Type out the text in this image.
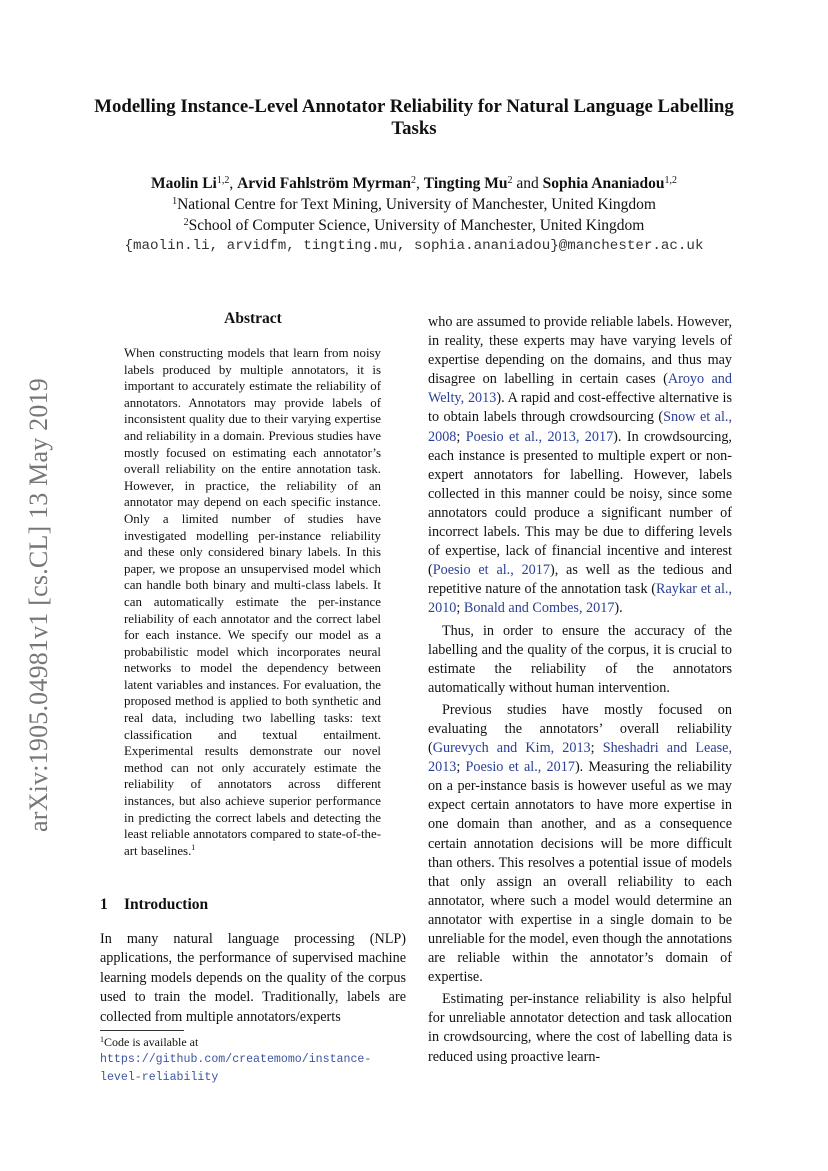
arXiv:1905.04981v1 [cs.CL] 13 May 2019
Modelling Instance-Level Annotator Reliability for Natural Language Labelling Tasks
Maolin Li$^{1,2}$, Arvid Fahlström Myrman$^2$, Tingting Mu$^2$ and Sophia Ananiadou$^{1,2}$
$^1$National Centre for Text Mining, University of Manchester, United Kingdom
$^2$School of Computer Science, University of Manchester, United Kingdom
{maolin.li, arvidfm, tingting.mu, sophia.ananiadou}@manchester.ac.uk
Abstract
When constructing models that learn from noisy labels produced by multiple annotators, it is important to accurately estimate the reliability of annotators. Annotators may provide labels of inconsistent quality due to their varying expertise and reliability in a domain. Previous studies have mostly focused on estimating each annotator’s overall reliability on the entire annotation task. However, in practice, the reliability of an annotator may depend on each specific instance. Only a limited number of studies have investigated modelling per-instance reliability and these only considered binary labels. In this paper, we propose an unsupervised model which can handle both binary and multi-class labels. It can automatically estimate the per-instance reliability of each annotator and the correct label for each instance. We specify our model as a probabilistic model which incorporates neural networks to model the dependency between latent variables and instances. For evaluation, the proposed method is applied to both synthetic and real data, including two labelling tasks: text classification and textual entailment. Experimental results demonstrate our novel method can not only accurately estimate the reliability of annotators across different instances, but also achieve superior performance in predicting the correct labels and detecting the least reliable annotators compared to state-of-the-art baselines.$^1$
1 Introduction
In many natural language processing (NLP) applications, the performance of supervised machine learning models depends on the quality of the corpus used to train the model. Traditionally, labels are collected from multiple annotators/experts
$^1$Code is available at https://github.com/createmomo/instance-level-reliability

who are assumed to provide reliable labels. However, in reality, these experts may have varying levels of expertise depending on the domains, and thus may disagree on labelling in certain cases (Aroyo and Welty, 2013). A rapid and cost-effective alternative is to obtain labels through crowdsourcing (Snow et al., 2008; Poesio et al., 2013, 2017). In crowdsourcing, each instance is presented to multiple expert or non-expert annotators for labelling. However, labels collected in this manner could be noisy, since some annotators could produce a significant number of incorrect labels. This may be due to differing levels of expertise, lack of financial incentive and interest (Poesio et al., 2017), as well as the tedious and repetitive nature of the annotation task (Raykar et al., 2010; Bonald and Combes, 2017).

Thus, in order to ensure the accuracy of the labelling and the quality of the corpus, it is crucial to estimate the reliability of the annotators automatically without human intervention.

Previous studies have mostly focused on evaluating the annotators’ overall reliability (Gurevych and Kim, 2013; Sheshadri and Lease, 2013; Poesio et al., 2017). Measuring the reliability on a per-instance basis is however useful as we may expect certain annotators to have more expertise in one domain than another, and as a consequence certain annotation decisions will be more difficult than others. This resolves a potential issue of models that only assign an overall reliability to each annotator, where such a model would determine an annotator with expertise in a single domain to be unreliable for the model, even though the annotations are reliable within the annotator’s domain of expertise.

Estimating per-instance reliability is also helpful for unreliable annotator detection and task allocation in crowdsourcing, where the cost of labelling data is reduced using proactive learn-
